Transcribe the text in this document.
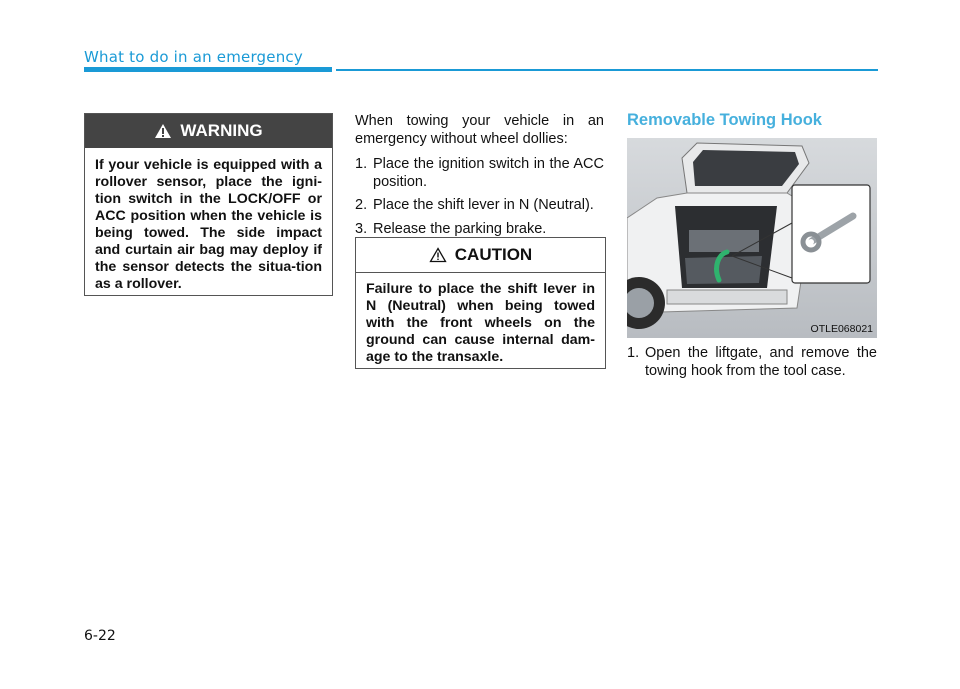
What to do in an emergency
WARNING

If your vehicle is equipped with a rollover sensor, place the igni-tion switch in the LOCK/OFF or ACC position when the vehicle is being towed. The side impact and curtain air bag may deploy if the sensor detects the situa-tion as a rollover.

When towing your vehicle in an emergency without wheel dollies:

1. Place the ignition switch in the ACC position.
2. Place the shift lever in N (Neutral).
3. Release the parking brake.
CAUTION

Failure to place the shift lever in N (Neutral) when being towed with the front wheels on the ground can cause internal dam-age to the transaxle.

Removable Towing Hook
OTLE068021
1. Open the liftgate, and remove the towing hook from the tool case.
6-22
